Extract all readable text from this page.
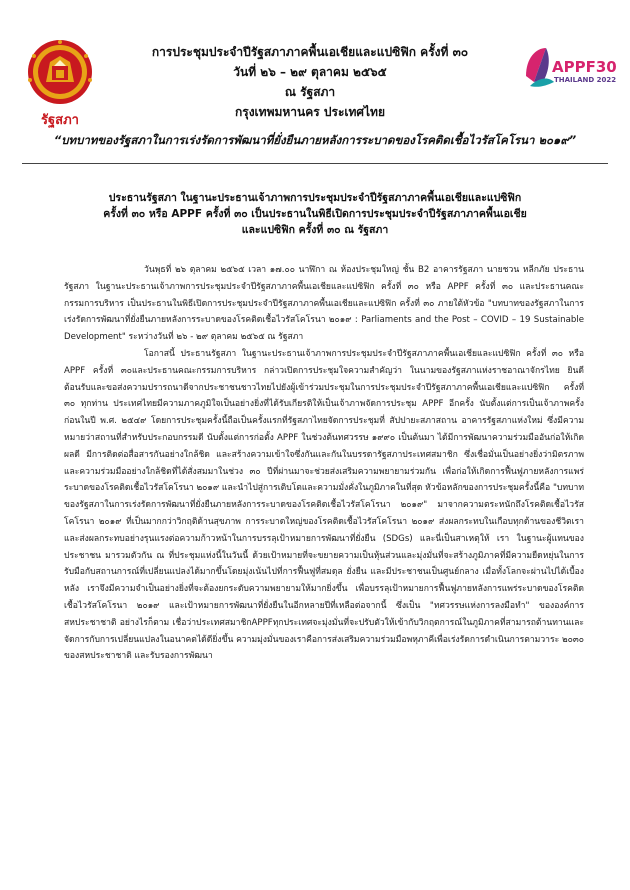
รัฐสภา
APPF30
THAILAND 2022
การประชุมประจำปีรัฐสภาภาคพื้นเอเชียและแปซิฟิก ครั้งที่ ๓๐
วันที่ ๒๖ – ๒๙ ตุลาคม ๒๕๖๕
ณ รัฐสภา
กรุงเทพมหานคร ประเทศไทย
“บทบาทของรัฐสภาในการเร่งรัดการพัฒนาที่ยั่งยืนภายหลังการระบาดของโรคติดเชื้อไวรัสโคโรนา ๒๐๑๙”
ประธานรัฐสภา ในฐานะประธานเจ้าภาพการประชุมประจำปีรัฐสภาภาคพื้นเอเชียและแปซิฟิก
ครั้งที่ ๓๐ หรือ APPF ครั้งที่ ๓๐ เป็นประธานในพิธีเปิดการประชุมประจำปีรัฐสภาภาคพื้นเอเชีย
และแปซิฟิก ครั้งที่ ๓๐ ณ รัฐสภา

วันพุธที่ ๒๖ ตุลาคม ๒๕๖๕ เวลา ๑๗.๐๐ นาฬิกา ณ ห้องประชุมใหญ่ ชั้น B2 อาคารรัฐสภา นายชวน หลีกภัย ประธานรัฐสภา ในฐานะประธานเจ้าภาพการประชุมประจำปีรัฐสภาภาคพื้นเอเชียและแปซิฟิก ครั้งที่ ๓๐ หรือ APPF ครั้งที่ ๓๐ และประธานคณะกรรมการบริหาร เป็นประธานในพิธีเปิดการประชุมประจำปีรัฐสภาภาคพื้นเอเชียและแปซิฟิก ครั้งที่ ๓๐ ภายใต้หัวข้อ "บทบาทของรัฐสภาในการเร่งรัดการพัฒนาที่ยั่งยืนภายหลังการระบาดของโรคติดเชื้อไวรัสโคโรนา ๒๐๑๙ : Parliaments and the Post – COVID – 19 Sustainable Development" ระหว่างวันที่ ๒๖ - ๒๙ ตุลาคม ๒๕๖๕ ณ รัฐสภา

โอกาสนี้ ประธานรัฐสภา ในฐานะประธานเจ้าภาพการประชุมประจำปีรัฐสภาภาคพื้นเอเชียและแปซิฟิก ครั้งที่ ๓๐ หรือ APPF ครั้งที่ ๓๐และประธานคณะกรรมการบริหาร กล่าวเปิดการประชุมใจความสำคัญว่า ในนามของรัฐสภาแห่งราชอาณาจักรไทย ยินดีต้อนรับและขอส่งความปรารถนาดีจากประชาชนชาวไทยไปยังผู้เข้าร่วมประชุมในการประชุมประจำปีรัฐสภาภาคพื้นเอเชียและแปซิฟิก ครั้งที่ ๓๐ ทุกท่าน ประเทศไทยมีความภาคภูมิใจเป็นอย่างยิ่งที่ได้รับเกียรติให้เป็นเจ้าภาพจัดการประชุม APPF อีกครั้ง นับตั้งแต่การเป็นเจ้าภาพครั้งก่อนในปี พ.ศ. ๒๕๔๙ โดยการประชุมครั้งนี้ถือเป็นครั้งแรกที่รัฐสภาไทยจัดการประชุมที่ สัปปายะสภาสถาน อาคารรัฐสภาแห่งใหม่ ซึ่งมีความหมายว่าสถานที่สำหรับประกอบกรรมดี นับตั้งแต่การก่อตั้ง APPF ในช่วงต้นทศวรรษ ๑๙๙๐ เป็นต้นมา ได้มีการพัฒนาความร่วมมืออันก่อให้เกิดผลดี มีการติดต่อสื่อสารกันอย่างใกล้ชิด และสร้างความเข้าใจซึ่งกันและกันในบรรดารัฐสภาประเทศสมาชิก ซึ่งเชื่อมั่นเป็นอย่างยิ่งว่ามิตรภาพและความร่วมมืออย่างใกล้ชิดที่ได้สั่งสมมาในช่วง ๓๐ ปีที่ผ่านมาจะช่วยส่งเสริมความพยายามร่วมกัน เพื่อก่อให้เกิดการฟื้นฟูภายหลังการแพร่ระบาดของโรคติดเชื้อไวรัสโคโรนา ๒๐๑๙ และนำไปสู่การเติบโตและความมั่งคั่งในภูมิภาคในที่สุด หัวข้อหลักของการประชุมครั้งนี้คือ "บทบาทของรัฐสภาในการเร่งรัดการพัฒนาที่ยั่งยืนภายหลังการระบาดของโรคติดเชื้อไวรัสโคโรนา ๒๐๑๙" มาจากความตระหนักถึงโรคติดเชื้อไวรัสโคโรนา ๒๐๑๙ ที่เป็นมากกว่าวิกฤติด้านสุขภาพ การระบาดใหญ่ของโรคติดเชื้อไวรัสโคโรนา ๒๐๑๙ ส่งผลกระทบในเกือบทุกด้านของชีวิตเรา และส่งผลกระทบอย่างรุนแรงต่อความก้าวหน้าในการบรรลุเป้าหมายการพัฒนาที่ยั่งยืน (SDGs) และนี่เป็นสาเหตุให้ เรา ในฐานะผู้แทนของประชาชน มารวมตัวกัน ณ ที่ประชุมแห่งนี้ในวันนี้ ด้วยเป้าหมายที่จะขยายความเป็นหุ้นส่วนและมุ่งมั่นที่จะสร้างภูมิภาคที่มีความยืดหยุ่นในการรับมือกับสถานการณ์ที่เปลี่ยนแปลงได้มากขึ้นโดยมุ่งเน้นไปที่การฟื้นฟูที่สมดุล ยั่งยืน และมีประชาชนเป็นศูนย์กลาง เมื่อทั้งโลกจะผ่านไปได้เบื้องหลัง เราจึงมีความจำเป็นอย่างยิ่งที่จะต้องยกระดับความพยายามให้มากยิ่งขึ้น เพื่อบรรลุเป้าหมายการฟื้นฟูภายหลังการแพร่ระบาดของโรคติดเชื้อไวรัสโคโรนา ๒๐๑๙ และเป้าหมายการพัฒนาที่ยั่งยืนในอีกหลายปีที่เหลือต่อจากนี้ ซึ่งเป็น "ทศวรรษแห่งการลงมือทำ" ขององค์การสหประชาชาติ อย่างไรก็ตาม เชื่อว่าประเทศสมาชิกAPPFทุกประเทศจะมุ่งมั่นที่จะปรับตัวให้เข้ากับวิกฤตการณ์ในภูมิภาคที่สามารถต้านทานและจัดการกับการเปลี่ยนแปลงในอนาคตได้ดียิ่งขึ้น ความมุ่งมั่นของเราคือการส่งเสริมความร่วมมือพหุภาคีเพื่อเร่งรัดการดำเนินการตามวาระ ๒๐๓๐ ของสหประชาชาติ และรับรองการพัฒนา
